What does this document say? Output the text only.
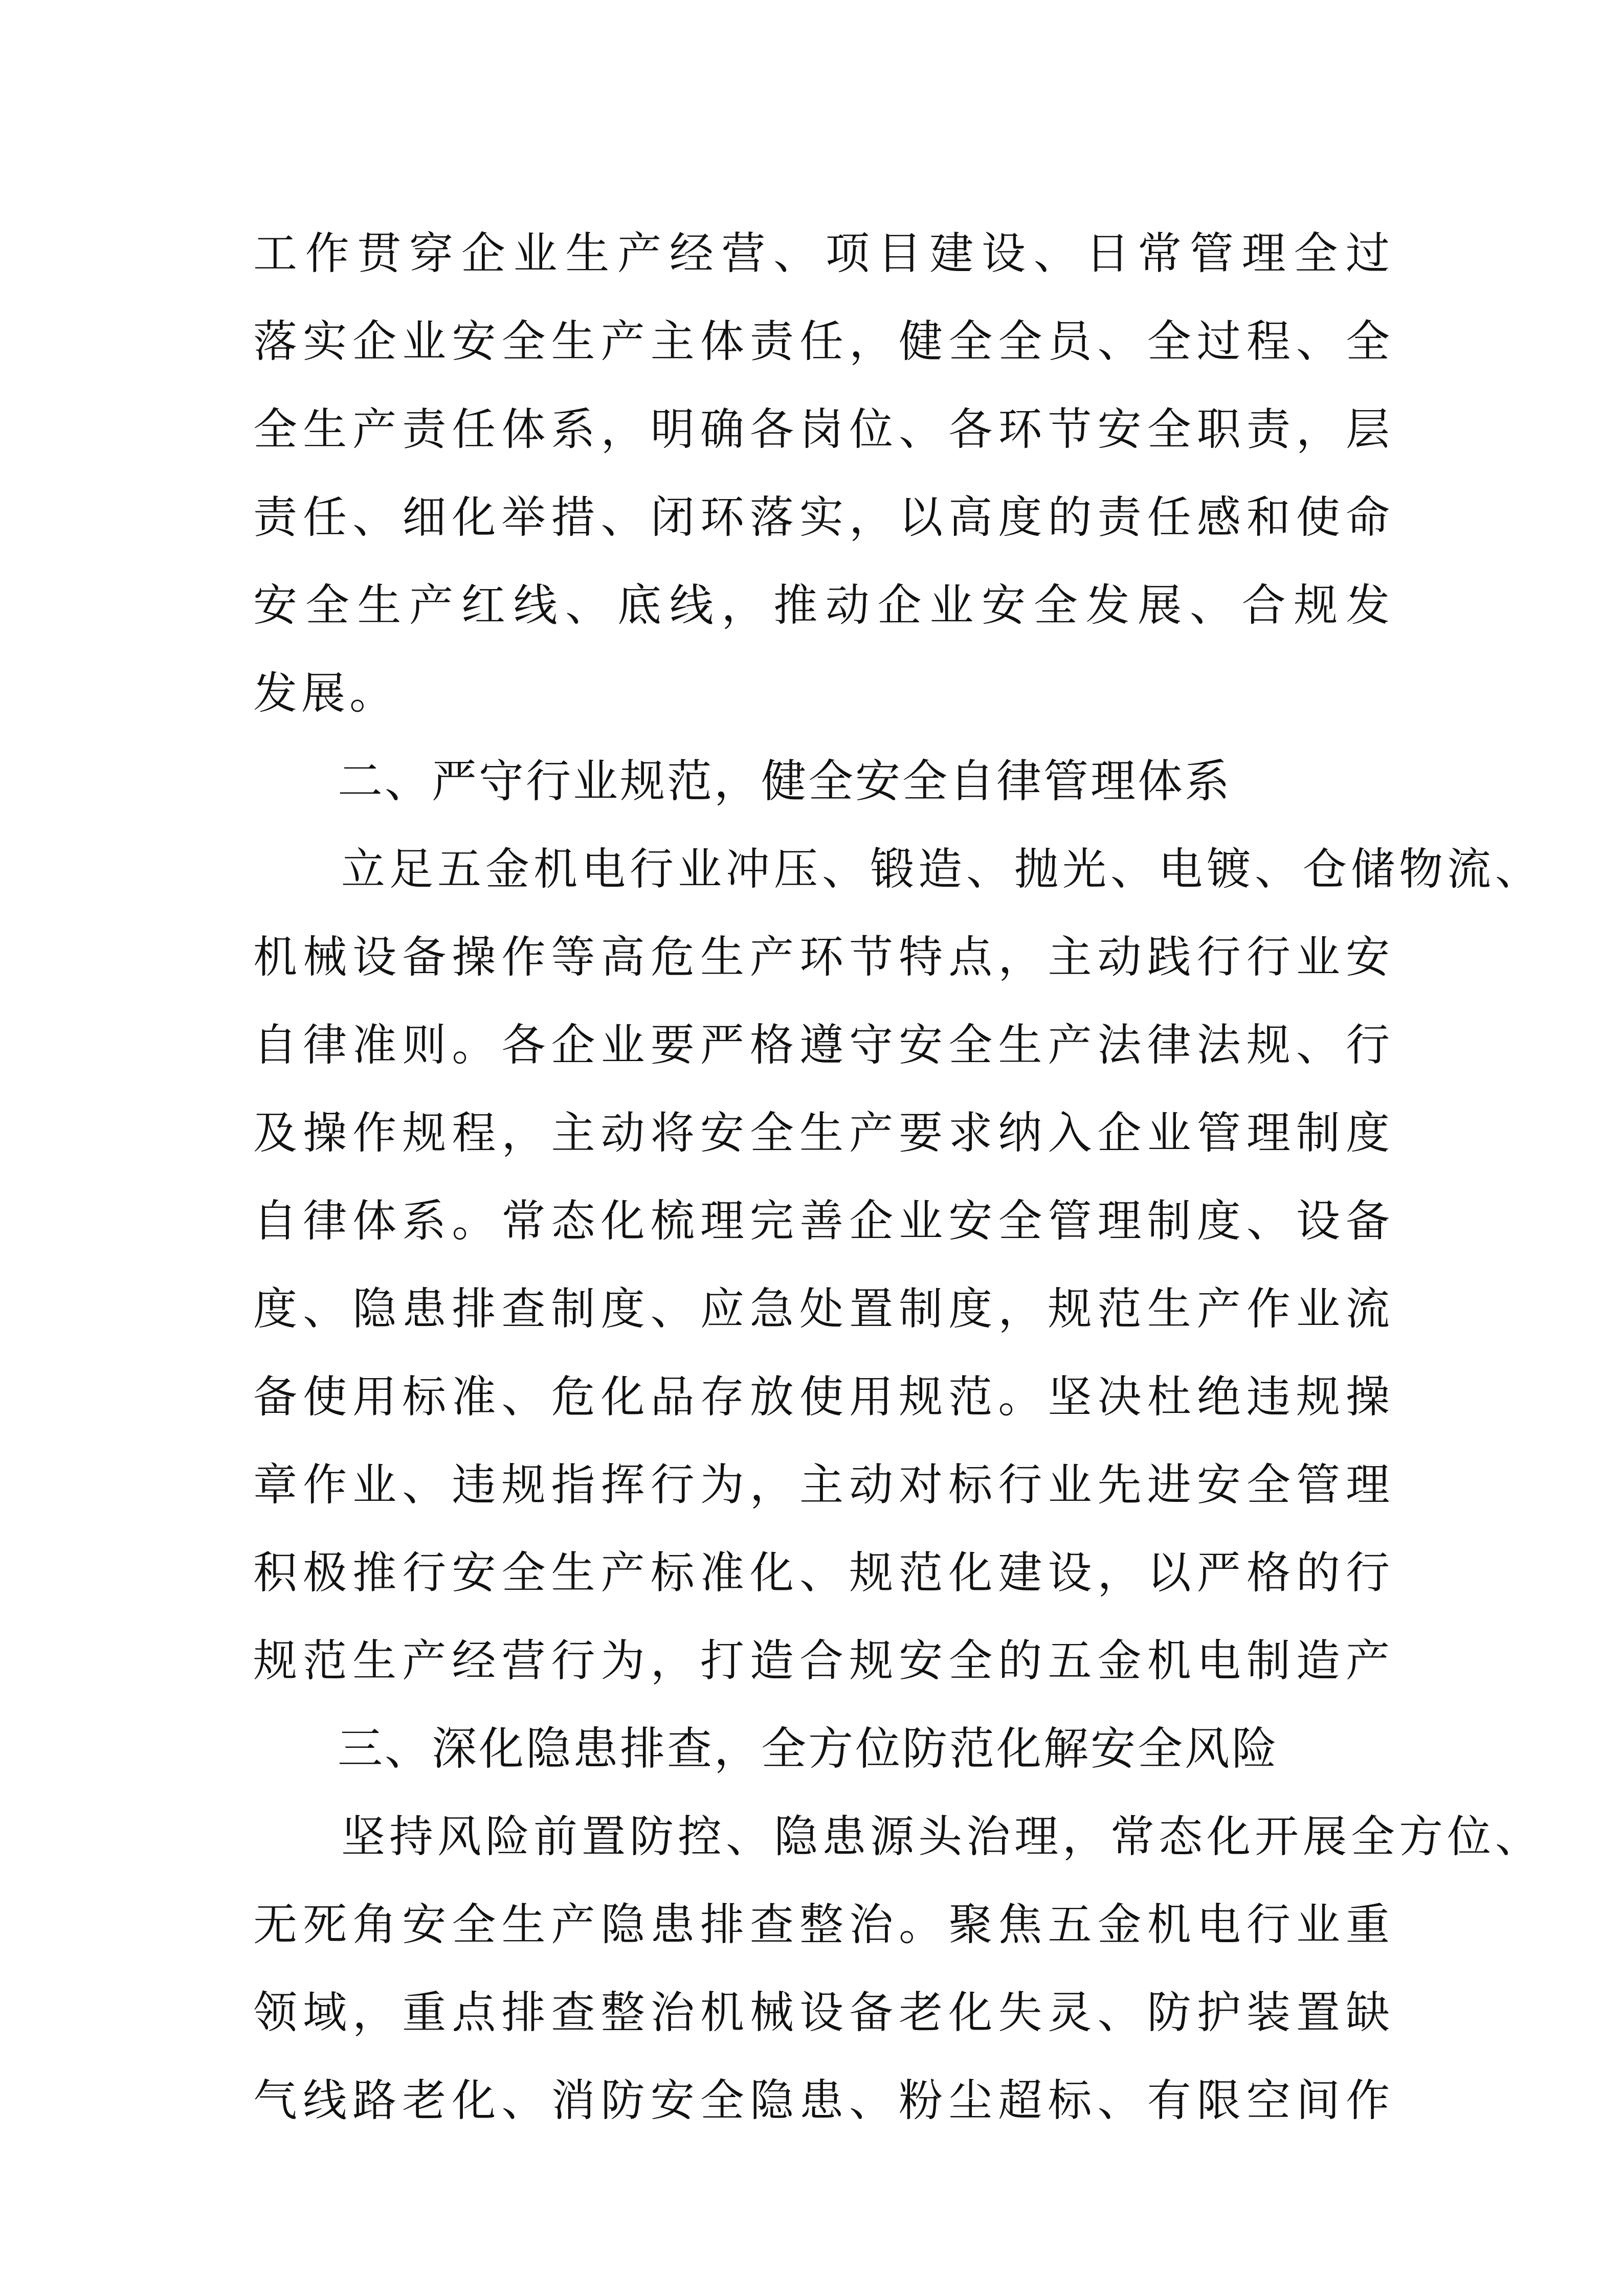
工作贯穿企业生产经营、项目建设、日常管理全过
落实企业安全生产主体责任，健全全员、全过程、全
全生产责任体系，明确各岗位、各环节安全职责，层
责任、细化举措、闭环落实，以高度的责任感和使命
安全生产红线、底线，推动企业安全发展、合规发
发展。
二、严守行业规范，健全安全自律管理体系
立足五金机电行业冲压、锻造、抛光、电镀、仓储物流、
机械设备操作等高危生产环节特点，主动践行行业安
自律准则。各企业要严格遵守安全生产法律法规、行
及操作规程，主动将安全生产要求纳入企业管理制度
自律体系。常态化梳理完善企业安全管理制度、设备
度、隐患排查制度、应急处置制度，规范生产作业流
备使用标准、危化品存放使用规范。坚决杜绝违规操
章作业、违规指挥行为，主动对标行业先进安全管理
积极推行安全生产标准化、规范化建设，以严格的行
规范生产经营行为，打造合规安全的五金机电制造产
三、深化隐患排查，全方位防范化解安全风险
坚持风险前置防控、隐患源头治理，常态化开展全方位、
无死角安全生产隐患排查整治。聚焦五金机电行业重
领域，重点排查整治机械设备老化失灵、防护装置缺
气线路老化、消防安全隐患、粉尘超标、有限空间作
